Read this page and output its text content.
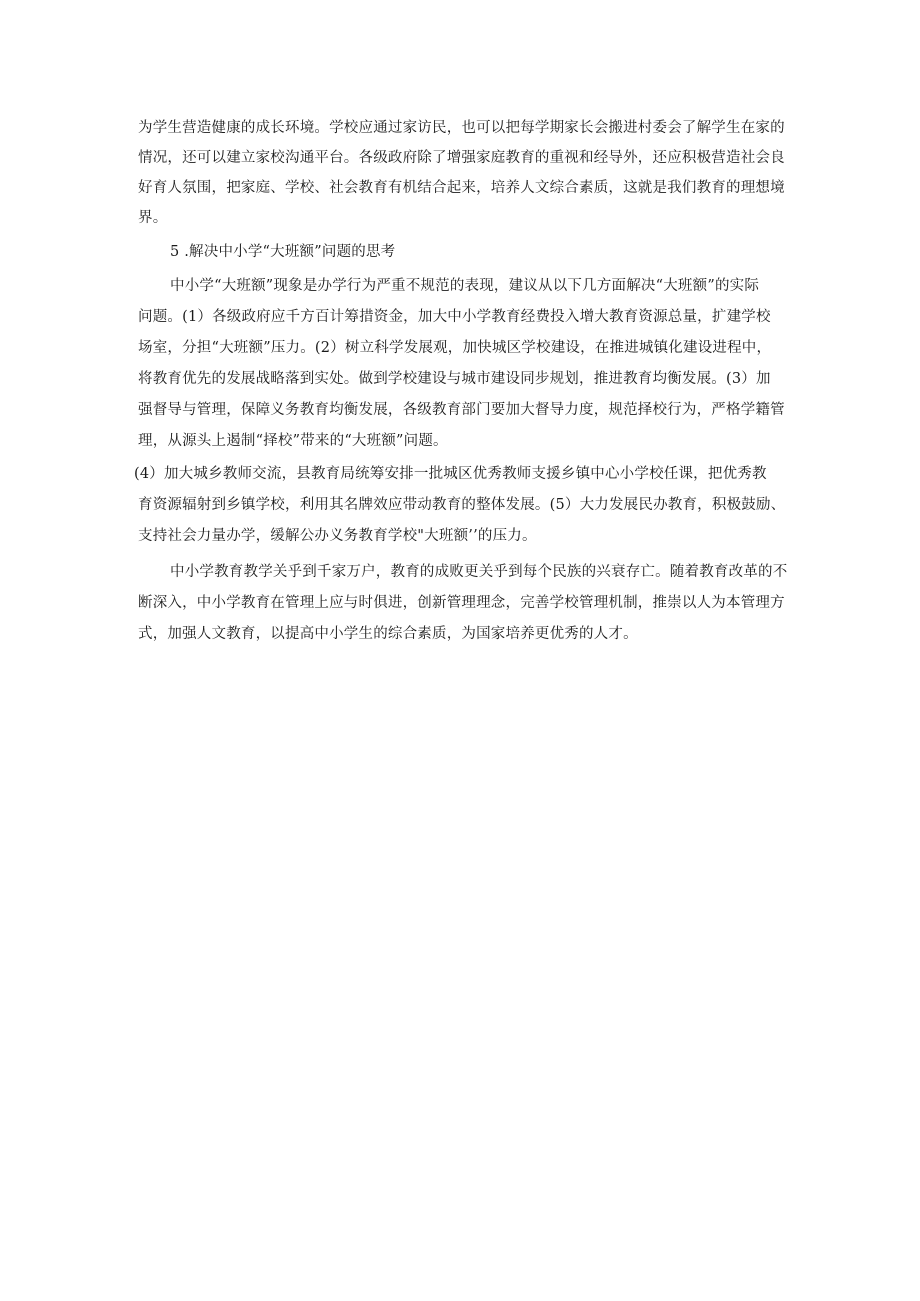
为学生营造健康的成长环境。学校应通过家访民，也可以把每学期家长会搬进村委会了解学生在家的
情况，还可以建立家校沟通平台。各级政府除了增强家庭教育的重视和经导外，还应积极营造社会良
好育人氛围，把家庭、学校、社会教育有机结合起来，培养人文综合素质，这就是我们教育的理想境
界。
5 .解决中小学“大班额”问题的思考
中小学“大班额”现象是办学行为严重不规范的表现，建议从以下几方面解决“大班额”的实际
问题。(1）各级政府应千方百计筹措资金，加大中小学教育经费投入增大教育资源总量，扩建学校
场室，分担“大班额”压力。(2）树立科学发展观，加快城区学校建设，在推进城镇化建设进程中，
将教育优先的发展战略落到实处。做到学校建设与城市建设同步规划，推进教育均衡发展。(3）加
强督导与管理，保障义务教育均衡发展，各级教育部门要加大督导力度，规范择校行为，严格学籍管
理，从源头上遏制“择校”带来的“大班额”问题。
(4）加大城乡教师交流，县教育局统筹安排一批城区优秀教师支援乡镇中心小学校任课，把优秀教
育资源辐射到乡镇学校，利用其名牌效应带动教育的整体发展。(5）大力发展民办教育，积极鼓励、
支持社会力量办学，缓解公办义务教育学校"大班额’’的压力。
中小学教育教学关乎到千家万户，教育的成败更关乎到每个民族的兴衰存亡。随着教育改革的不
断深入，中小学教育在管理上应与时俱进，创新管理理念，完善学校管理机制，推崇以人为本管理方
式，加强人文教育，以提高中小学生的综合素质，为国家培养更优秀的人才。
